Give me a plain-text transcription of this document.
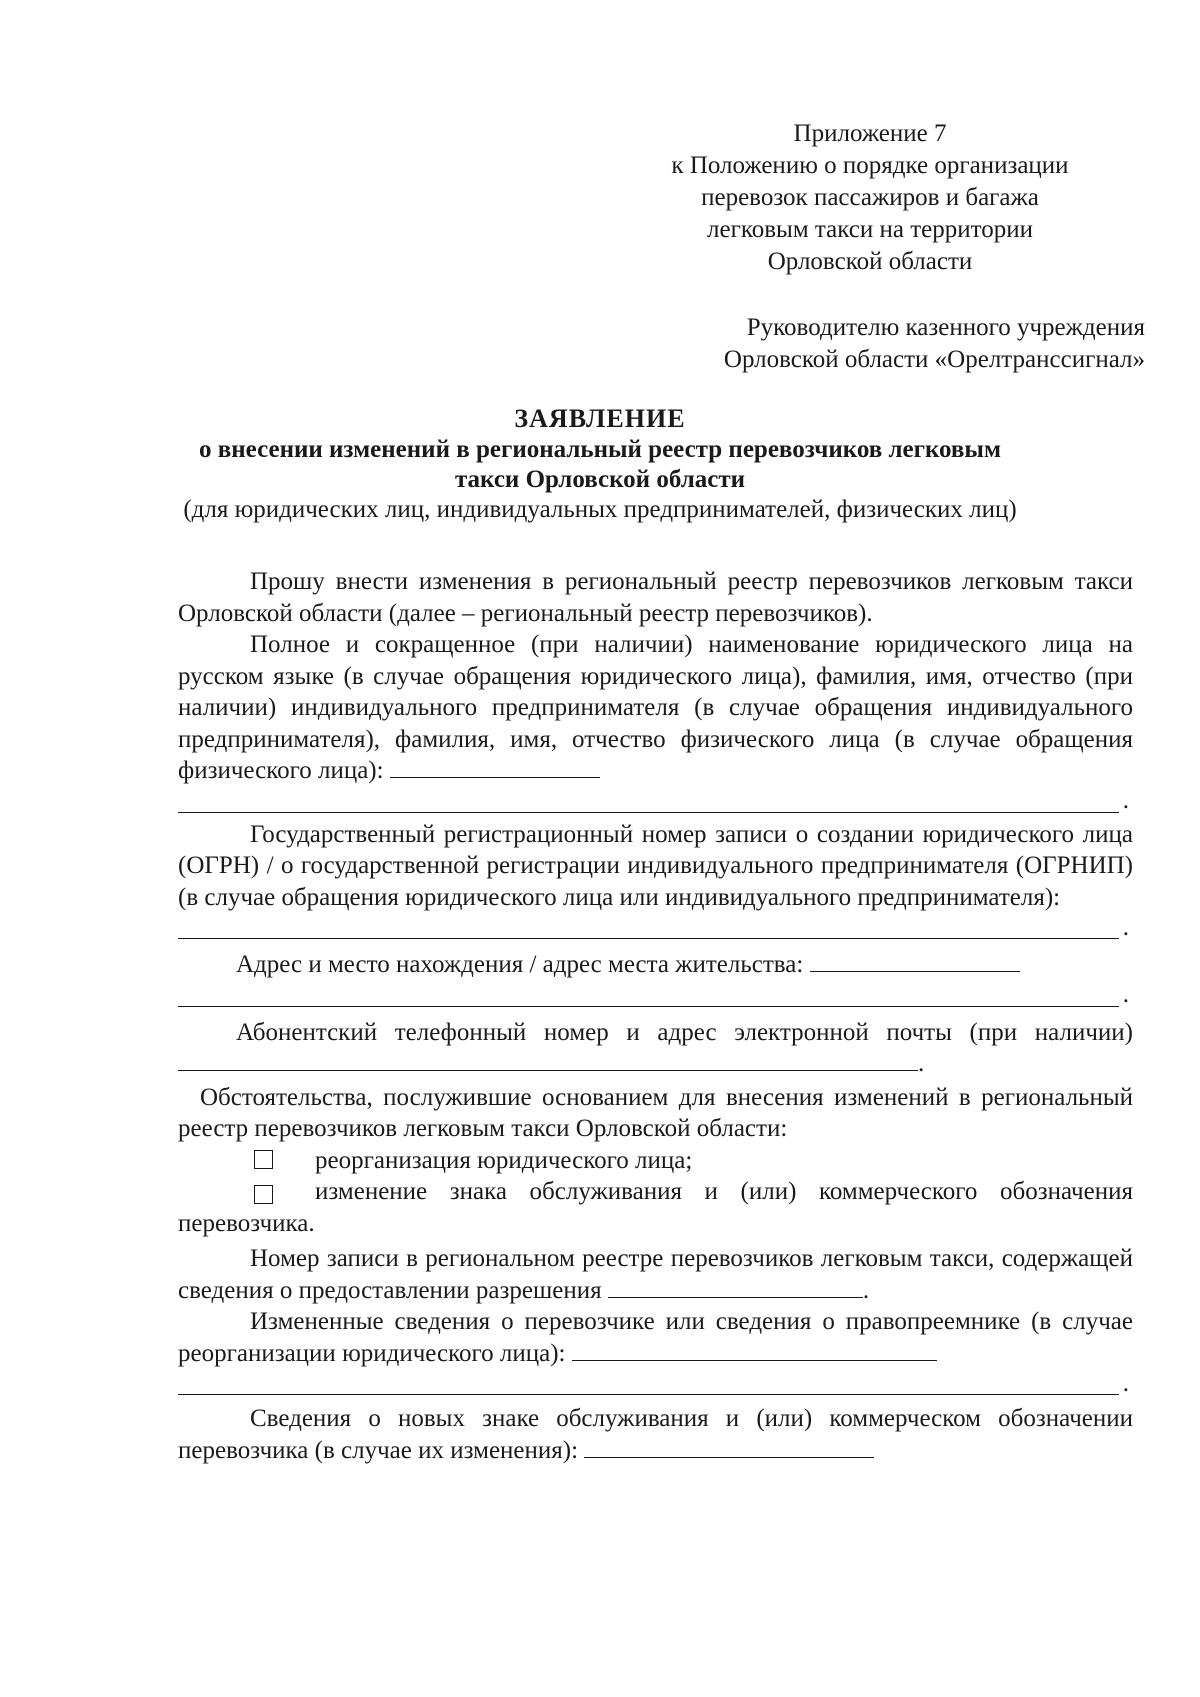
Приложение 7
к Положению о порядке организации
перевозок пассажиров и багажа
легковым такси на территории
Орловской области
Руководителю казенного учреждения
Орловской области «Орелтранссигнал»
ЗАЯВЛЕНИЕ
о внесении изменений в региональный реестр перевозчиков легковым
такси Орловской области
(для юридических лиц, индивидуальных предпринимателей, физических лиц)

Прошу внести изменения в региональный реестр перевозчиков легковым такси Орловской области (далее – региональный реестр перевозчиков).

Полное и сокращенное (при наличии) наименование юридического лица на русском языке (в случае обращения юридического лица), фамилия, имя, отчество (при наличии) индивидуального предпринимателя (в случае обращения индивидуального предпринимателя), фамилия, имя, отчество физического лица (в случае обращения физического лица):

.

Государственный регистрационный номер записи о создании юридического лица (ОГРН) / о государственной регистрации индивидуального предпринимателя (ОГРНИП) (в случае обращения юридического лица или индивидуального предпринимателя):

.

Адрес и место нахождения / адрес места жительства:

.

Абонентский телефонный номер и адрес электронной почты (при наличии) .

Обстоятельства, послужившие основанием для внесения изменений в региональный реестр перевозчиков легковым такси Орловской области:

реорганизация юридического лица;
изменение знака обслуживания и (или) коммерческого обозначения перевозчика.

Номер записи в региональном реестре перевозчиков легковым такси, содержащей сведения о предоставлении разрешения	.

Измененные сведения о перевозчике или сведения о правопреемнике (в случае реорганизации юридического лица):

.

Сведения о новых знаке обслуживания и (или) коммерческом обозначении перевозчика (в случае их изменения):
